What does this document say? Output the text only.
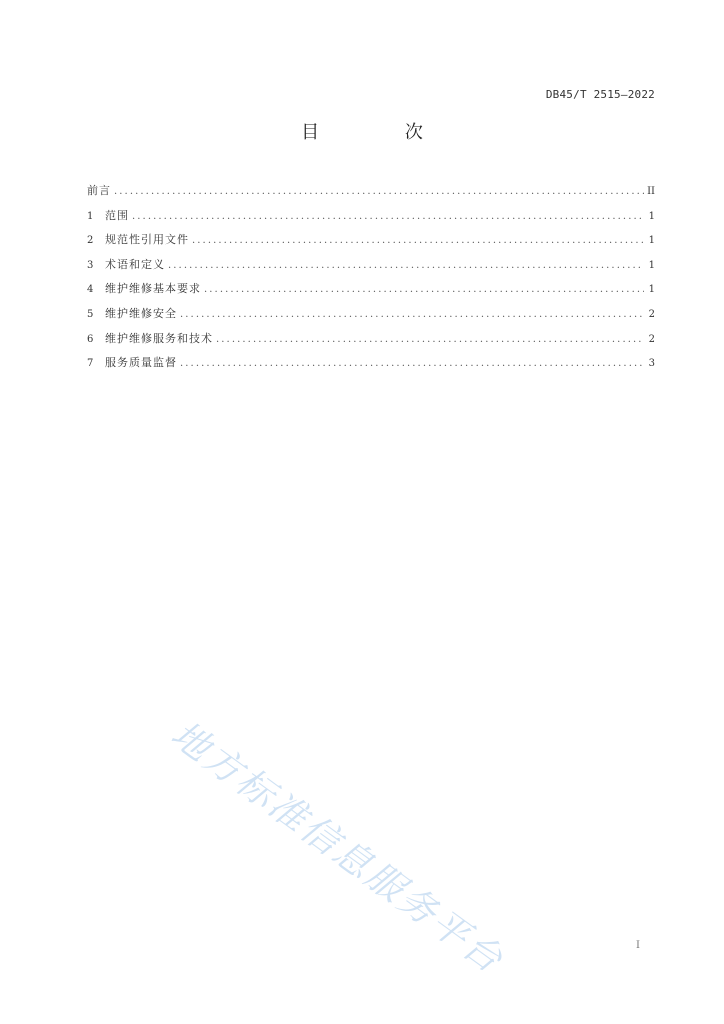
DB45/T 2515—2022
目 次
前言 .....	II
1	范围 .....	1
2	规范性引用文件 .....	1
3	术语和定义 .....	1
4	维护维修基本要求 .....	1
5	维护维修安全 .....	2
6	维护维修服务和技术 .....	2
7	服务质量监督 .....	3
地方标准信息服务平台	I
